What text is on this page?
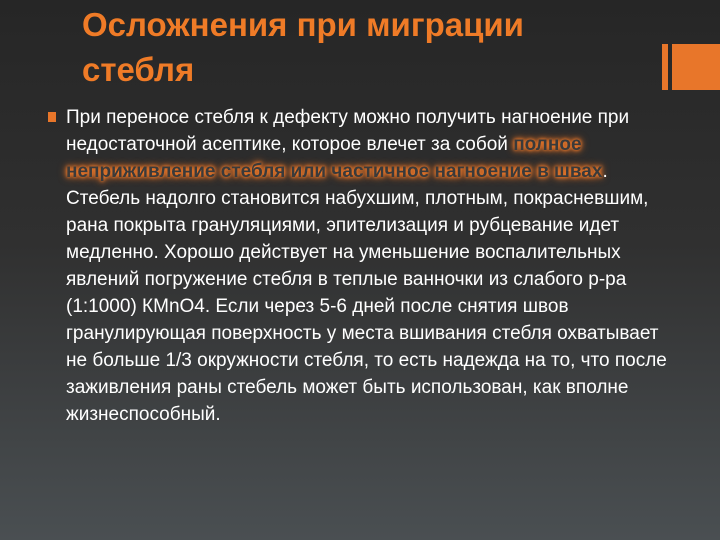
Осложнения при миграции стебля
При переносе стебля к дефекту можно получить нагноение при недостаточной асептике, которое влечет за собой полное неприживление стебля или частичное нагноение в швах. Стебель надолго становится набухшим, плотным, покрасневшим, рана покрыта грануляциями, эпителизация и рубцевание идет медленно. Хорошо действует на уменьшение воспалительных явлений погружение стебля в теплые ванночки из слабого р-ра (1:1000) КMnO4. Если через 5-6 дней после снятия швов гранулирующая поверхность у места вшивания стебля охватывает не больше 1/3 окружности стебля, то есть надежда на то, что после заживления раны стебель может быть использован, как вполне жизнеспособный.
